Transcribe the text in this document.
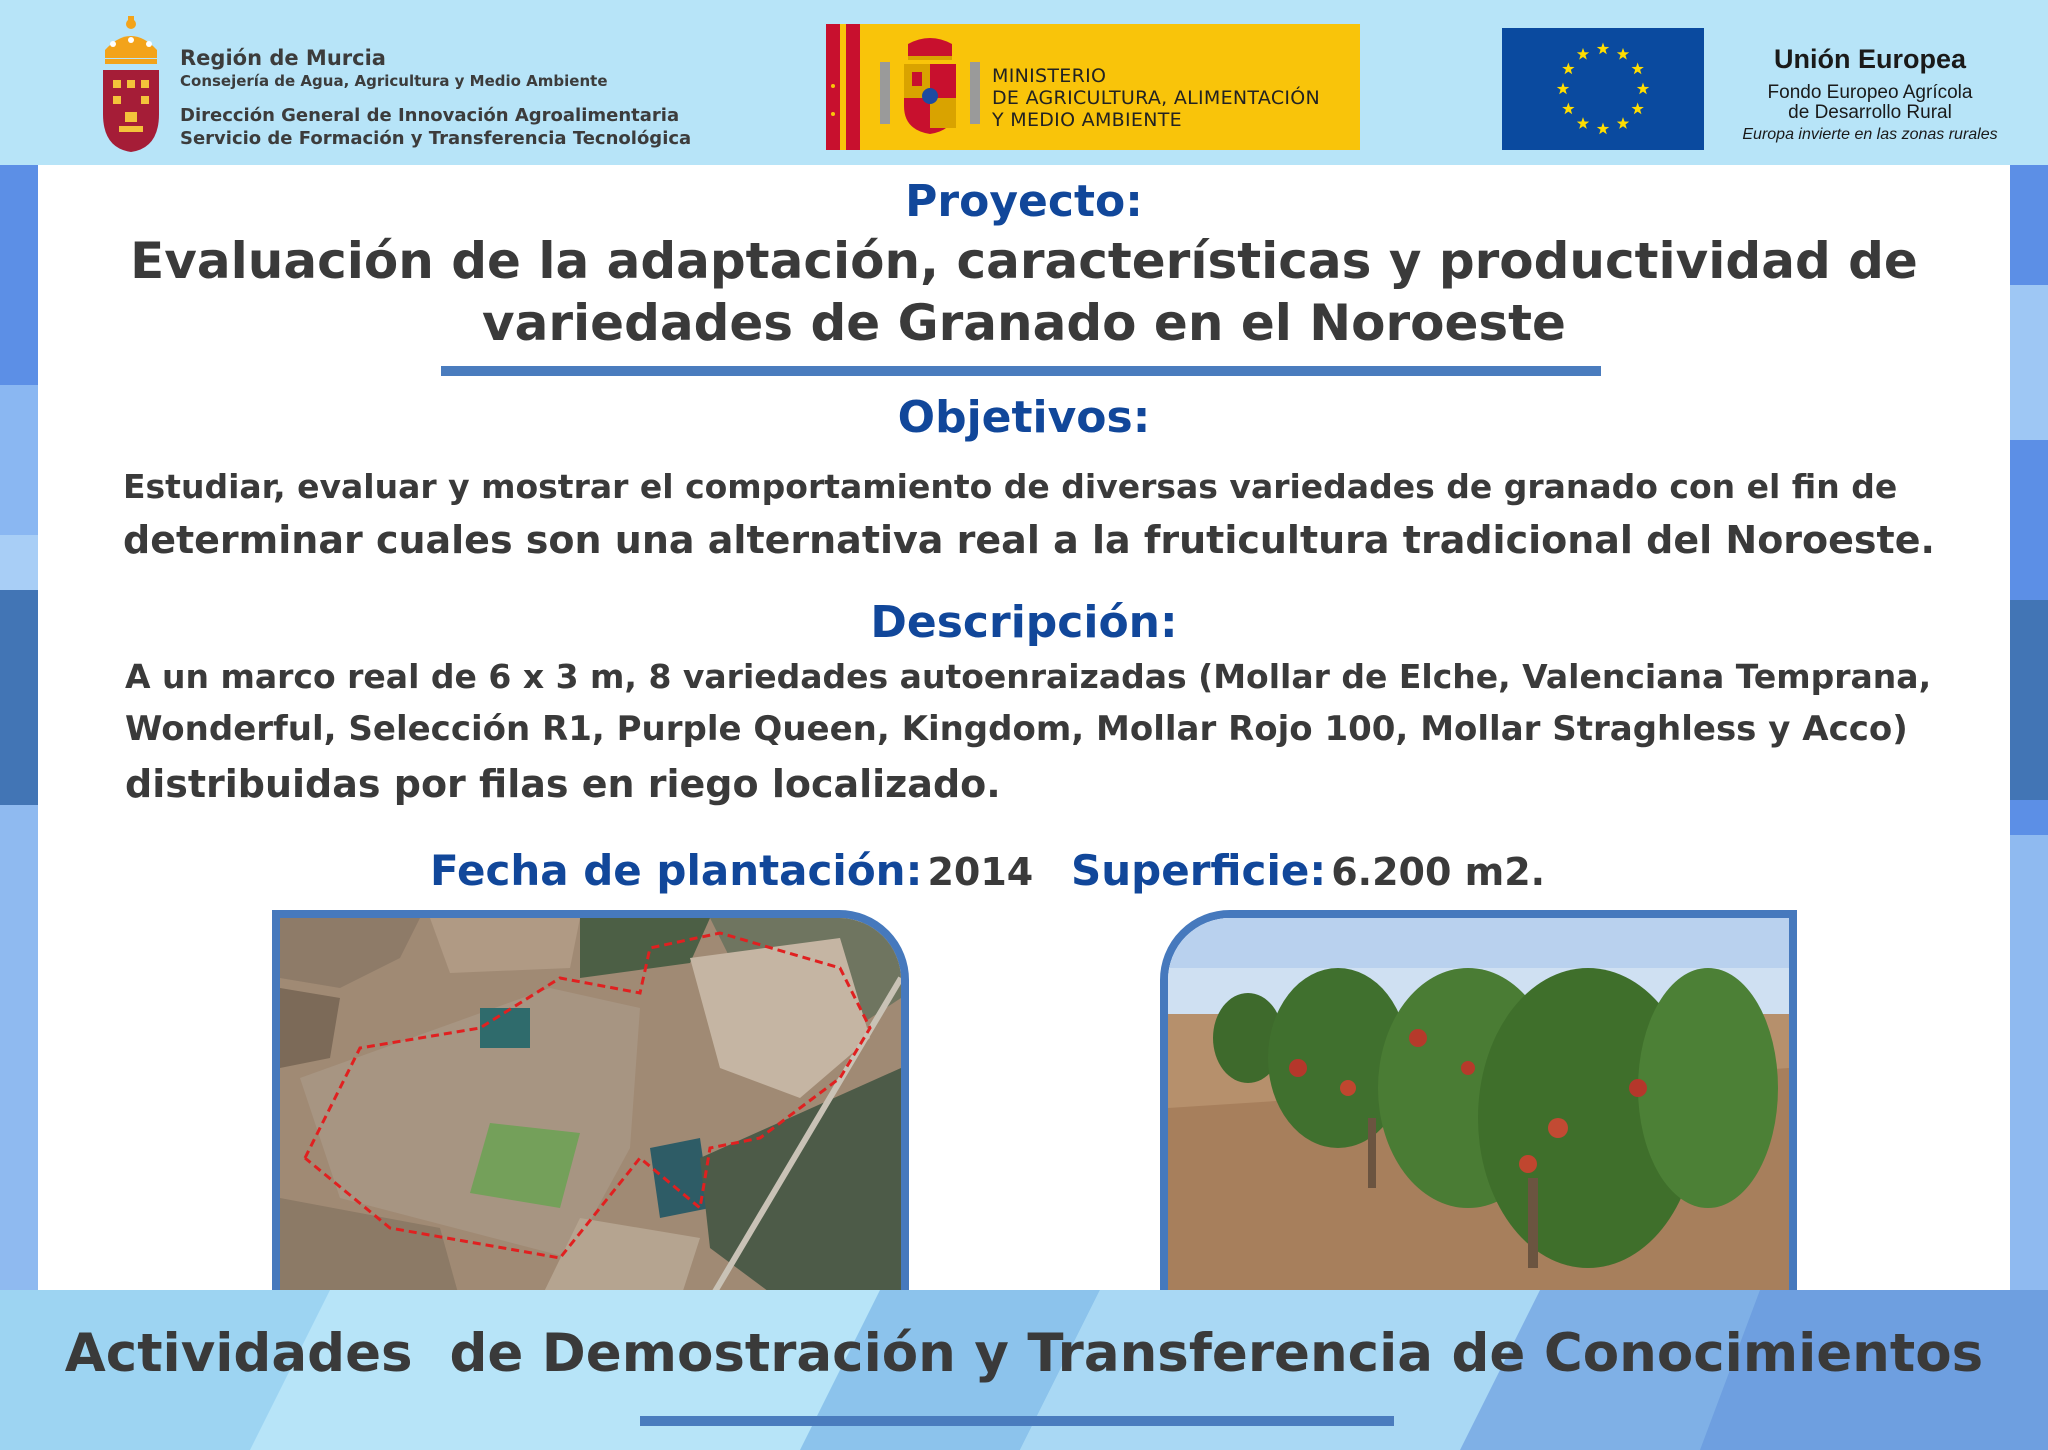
Región de Murcia
Consejería de Agua, Agricultura y Medio Ambiente
Dirección General de Innovación Agroalimentaria
Servicio de Formación y Transferencia Tecnológica
MINISTERIO
DE AGRICULTURA, ALIMENTACIÓN
Y MEDIO AMBIENTE
Unión Europea
Fondo Europeo Agrícola
de Desarrollo Rural
Europa invierte en las zonas rurales
Proyecto:
Evaluación de la adaptación, características y productividad de
variedades de Granado en el Noroeste
Objetivos:
Estudiar, evaluar y mostrar el comportamiento de diversas variedades de granado con el fin de
determinar cuales son una alternativa real a la fruticultura tradicional del Noroeste.
Descripción:
A un marco real de 6 x 3 m, 8 variedades autoenraizadas (Mollar de Elche, Valenciana Temprana,
Wonderful, Selección R1, Purple Queen, Kingdom, Mollar Rojo 100, Mollar Straghless y Acco)
distribuidas por filas en riego localizado.
Fecha de plantación: 2014 Superficie: 6.200 m2.
Actividades  de Demostración y Transferencia de Conocimientos
